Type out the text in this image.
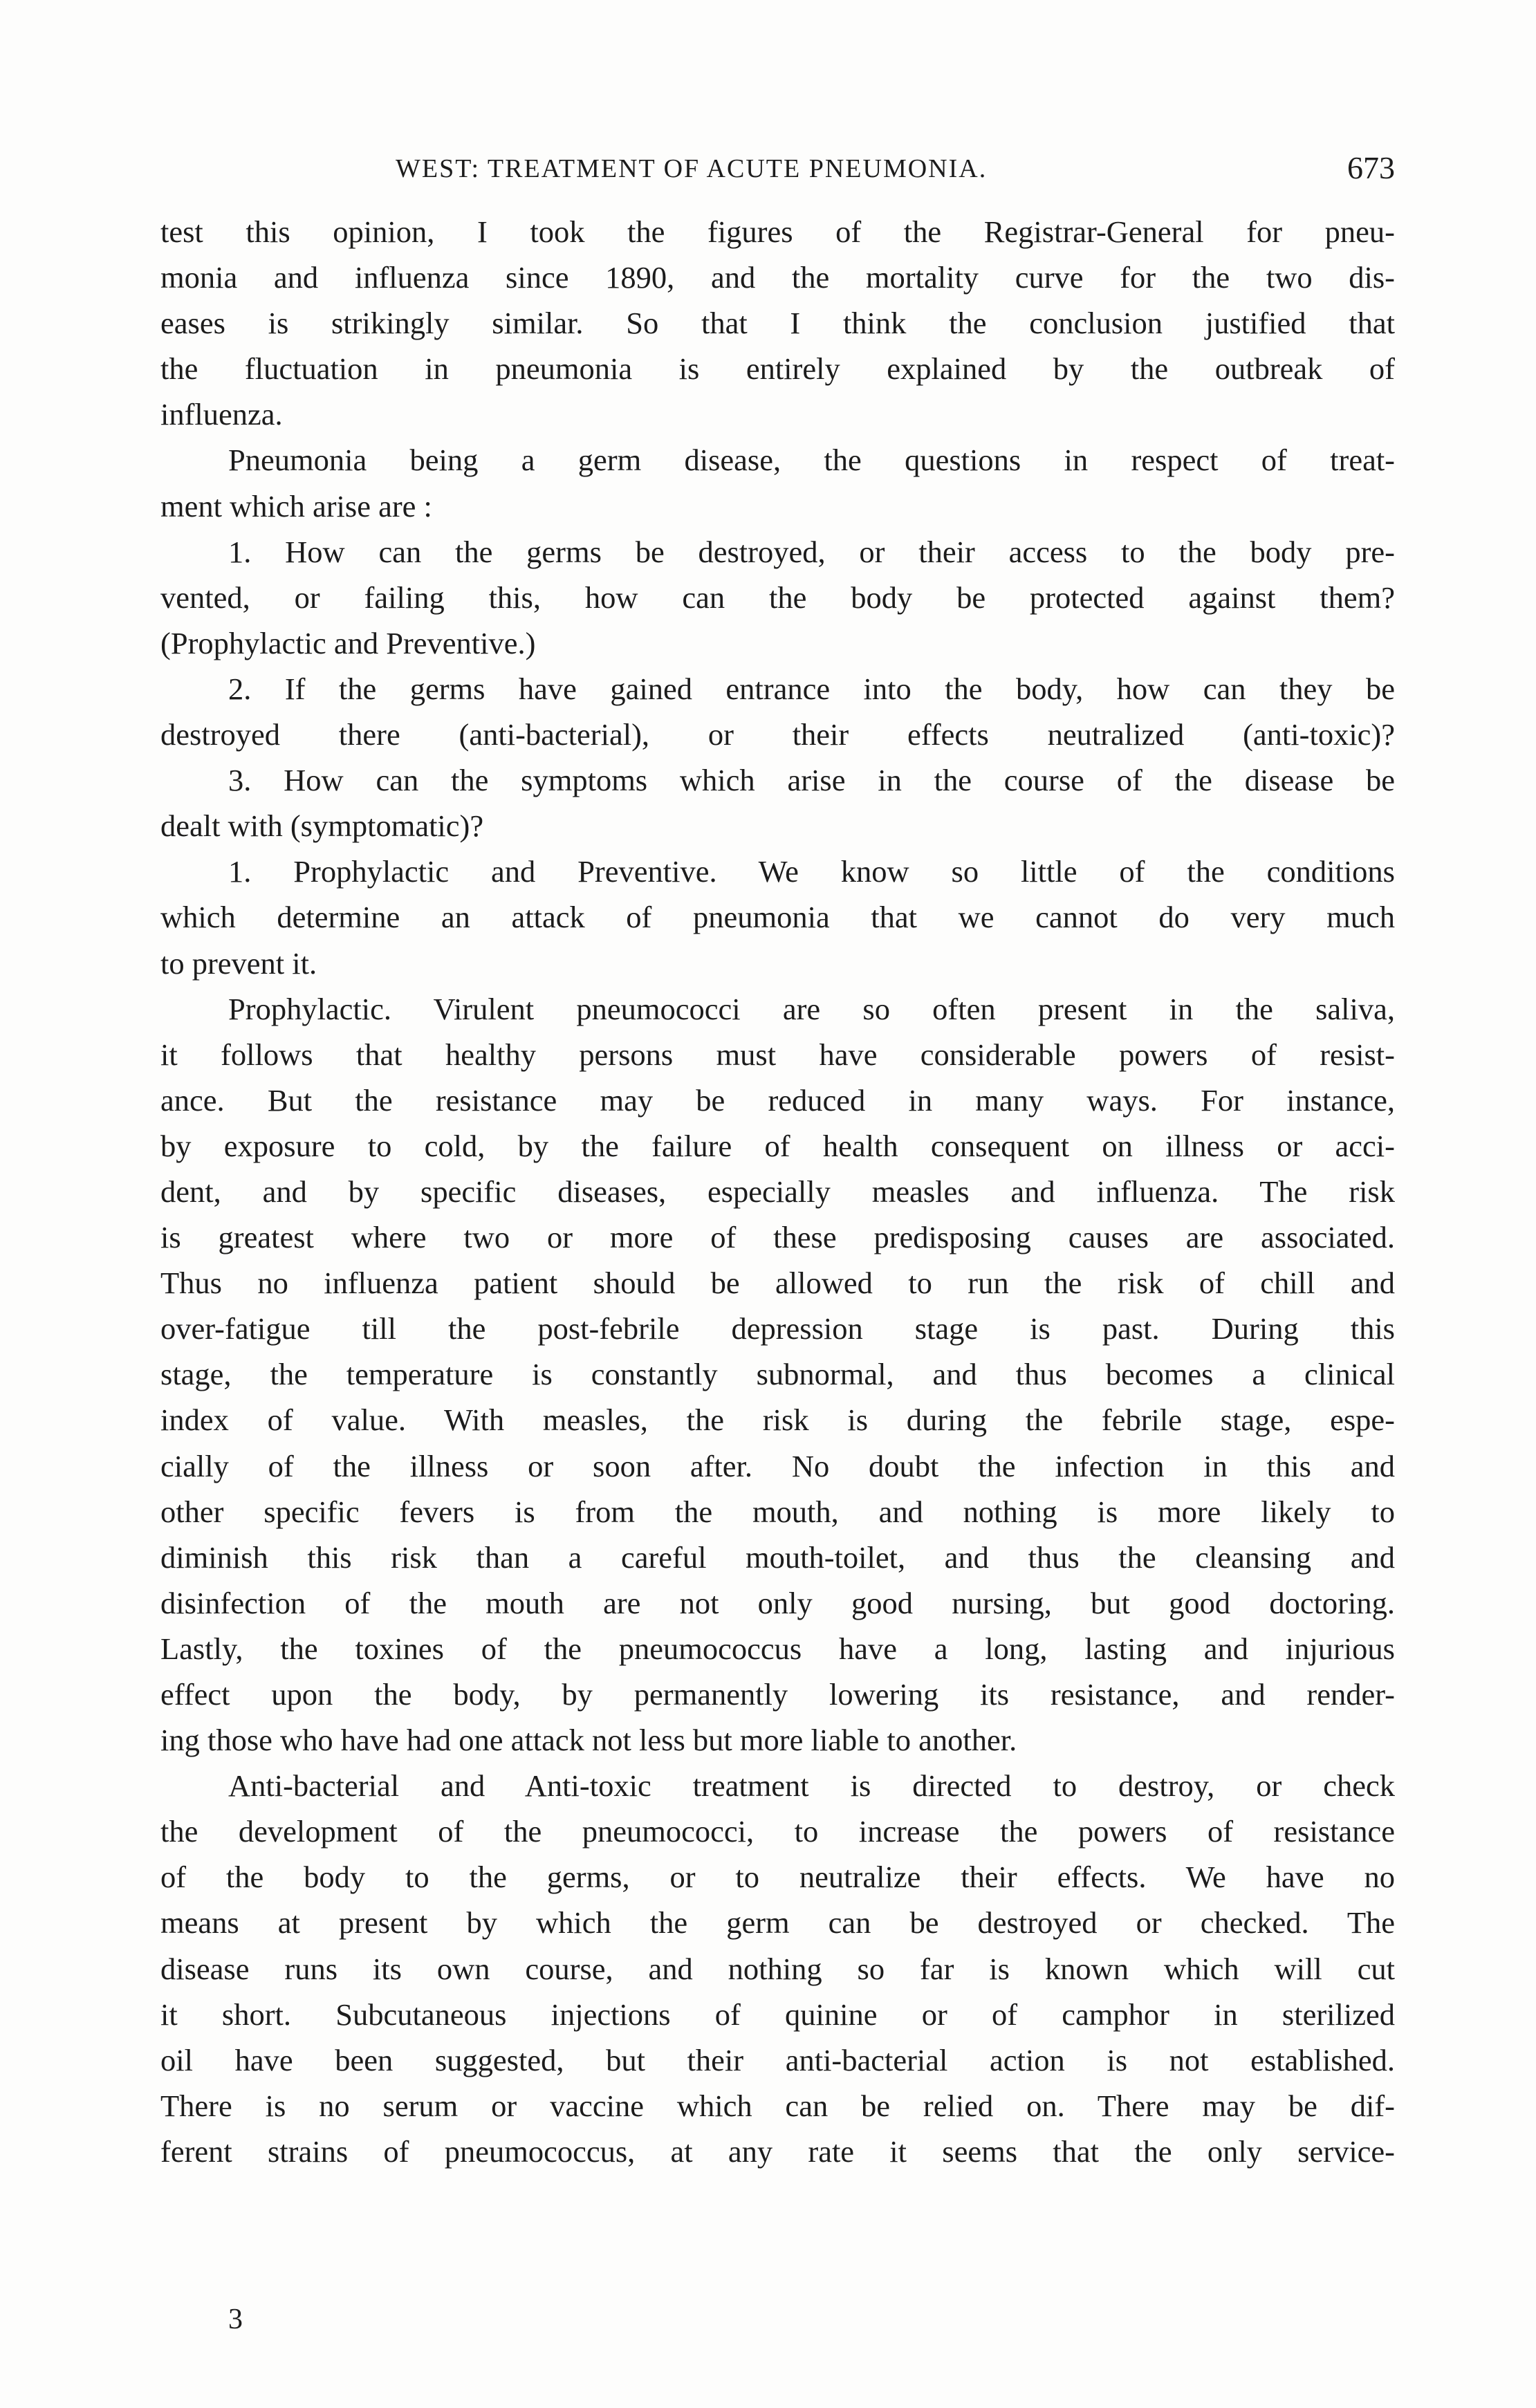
WEST: TREATMENT OF ACUTE PNEUMONIA.	673
test this opinion, I took the figures of the Registrar-General for pneu-
monia and influenza since 1890, and the mortality curve for the two dis-
eases is strikingly similar. So that I think the conclusion justified that
the fluctuation in pneumonia is entirely explained by the outbreak of
influenza.
Pneumonia being a germ disease, the questions in respect of treat-
ment which arise are :
1. How can the germs be destroyed, or their access to the body pre-
vented, or failing this, how can the body be protected against them?
(Prophylactic and Preventive.)
2. If the germs have gained entrance into the body, how can they be
destroyed there (anti-bacterial), or their effects neutralized (anti-toxic)?
3. How can the symptoms which arise in the course of the disease be
dealt with (symptomatic)?
1. Prophylactic and Preventive. We know so little of the conditions
which determine an attack of pneumonia that we cannot do very much
to prevent it.
Prophylactic. Virulent pneumococci are so often present in the saliva,
it follows that healthy persons must have considerable powers of resist-
ance. But the resistance may be reduced in many ways. For instance,
by exposure to cold, by the failure of health consequent on illness or acci-
dent, and by specific diseases, especially measles and influenza. The risk
is greatest where two or more of these predisposing causes are associated.
Thus no influenza patient should be allowed to run the risk of chill and
over-fatigue till the post-febrile depression stage is past. During this
stage, the temperature is constantly subnormal, and thus becomes a clinical
index of value. With measles, the risk is during the febrile stage, espe-
cially of the illness or soon after. No doubt the infection in this and
other specific fevers is from the mouth, and nothing is more likely to
diminish this risk than a careful mouth-toilet, and thus the cleansing and
disinfection of the mouth are not only good nursing, but good doctoring.
Lastly, the toxines of the pneumococcus have a long, lasting and injurious
effect upon the body, by permanently lowering its resistance, and render-
ing those who have had one attack not less but more liable to another.
Anti-bacterial and Anti-toxic treatment is directed to destroy, or check
the development of the pneumococci, to increase the powers of resistance
of the body to the germs, or to neutralize their effects. We have no
means at present by which the germ can be destroyed or checked. The
disease runs its own course, and nothing so far is known which will cut
it short. Subcutaneous injections of quinine or of camphor in sterilized
oil have been suggested, but their anti-bacterial action is not established.
There is no serum or vaccine which can be relied on. There may be dif-
ferent strains of pneumococcus, at any rate it seems that the only service-
3
